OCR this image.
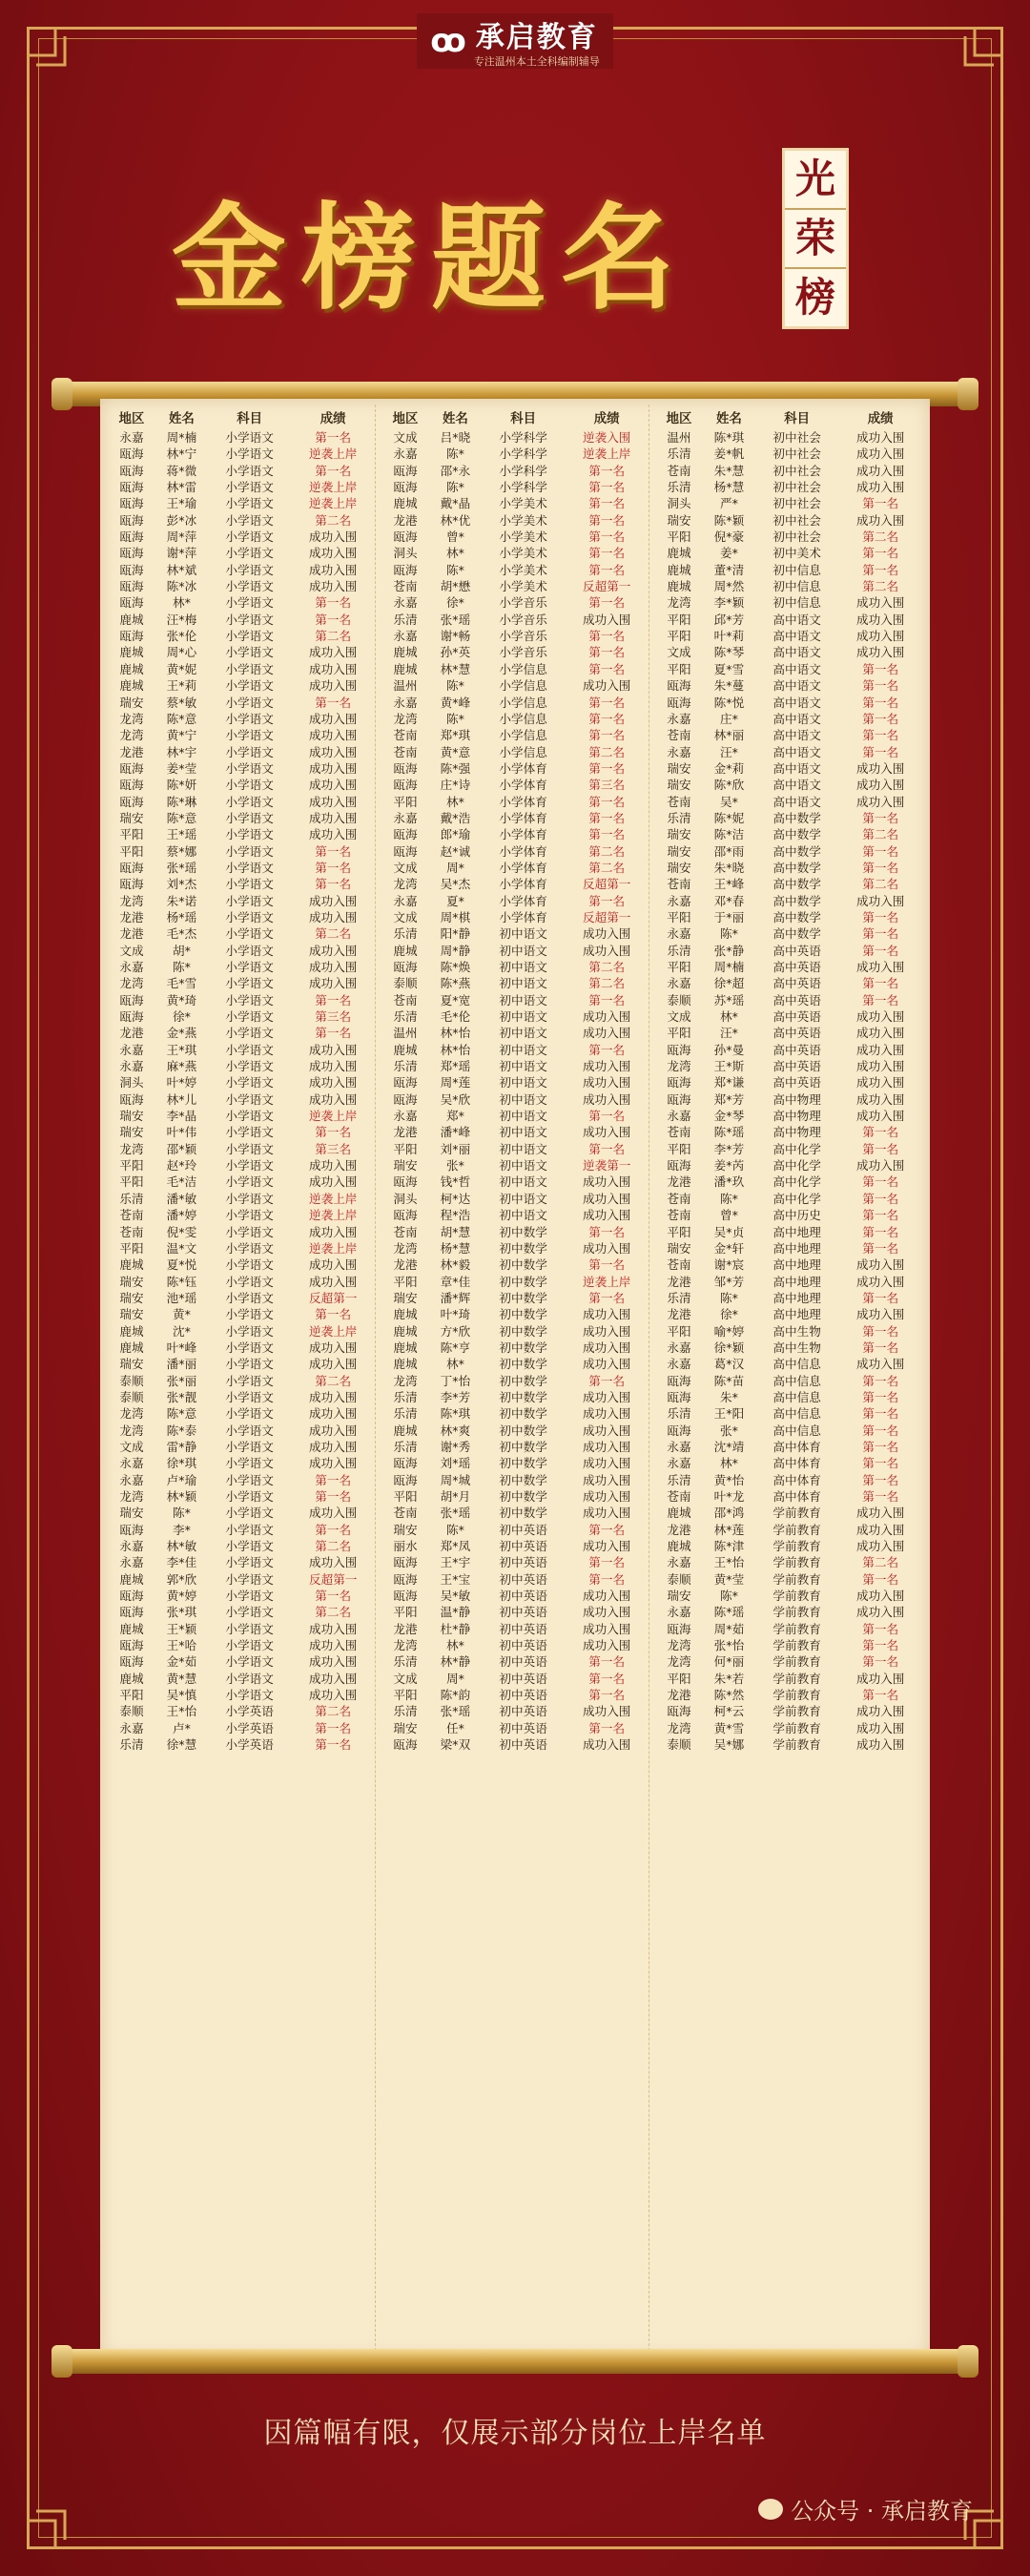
ꝏ 承启教育
专注温州本土全科编制辅导
金榜题名
光
荣
榜
地区	姓名	科目	成绩
永嘉	周*楠	小学语文	第一名
瓯海	林*宁	小学语文	逆袭上岸
瓯海	蒋*微	小学语文	第一名
瓯海	林*雷	小学语文	逆袭上岸
瓯海	王*瑜	小学语文	逆袭上岸
瓯海	彭*冰	小学语文	第二名
瓯海	周*萍	小学语文	成功入围
瓯海	谢*萍	小学语文	成功入围
瓯海	林*斌	小学语文	成功入围
瓯海	陈*冰	小学语文	成功入围
瓯海	林*	小学语文	第一名
鹿城	汪*梅	小学语文	第一名
瓯海	张*伦	小学语文	第二名
鹿城	周*心	小学语文	成功入围
鹿城	黄*妮	小学语文	成功入围
鹿城	王*莉	小学语文	成功入围
瑞安	蔡*敏	小学语文	第一名
龙湾	陈*意	小学语文	成功入围
龙湾	黄*宁	小学语文	成功入围
龙港	林*宇	小学语文	成功入围
瓯海	姜*莹	小学语文	成功入围
瓯海	陈*妍	小学语文	成功入围
瓯海	陈*琳	小学语文	成功入围
瑞安	陈*意	小学语文	成功入围
平阳	王*瑶	小学语文	成功入围
平阳	蔡*娜	小学语文	第一名
瓯海	张*瑶	小学语文	第一名
瓯海	刘*杰	小学语文	第一名
龙湾	朱*诺	小学语文	成功入围
龙港	杨*瑶	小学语文	成功入围
龙港	毛*杰	小学语文	第二名
文成	胡*	小学语文	成功入围
永嘉	陈*	小学语文	成功入围
龙湾	毛*雪	小学语文	成功入围
瓯海	黄*琦	小学语文	第一名
瓯海	徐*	小学语文	第三名
龙港	金*燕	小学语文	第一名
永嘉	王*琪	小学语文	成功入围
永嘉	麻*燕	小学语文	成功入围
洞头	叶*婷	小学语文	成功入围
瓯海	林*儿	小学语文	成功入围
瑞安	李*晶	小学语文	逆袭上岸
瑞安	叶*伟	小学语文	第一名
龙湾	邵*颖	小学语文	第三名
平阳	赵*玲	小学语文	成功入围
平阳	毛*洁	小学语文	成功入围
乐清	潘*敏	小学语文	逆袭上岸
苍南	潘*婷	小学语文	逆袭上岸
苍南	倪*雯	小学语文	成功入围
平阳	温*文	小学语文	逆袭上岸
鹿城	夏*悦	小学语文	成功入围
瑞安	陈*钰	小学语文	成功入围
瑞安	池*瑶	小学语文	反超第一
瑞安	黄*	小学语文	第一名
鹿城	沈*	小学语文	逆袭上岸
鹿城	叶*峰	小学语文	成功入围
瑞安	潘*丽	小学语文	成功入围
泰顺	张*丽	小学语文	第二名
泰顺	张*靓	小学语文	成功入围
龙湾	陈*意	小学语文	成功入围
龙湾	陈*泰	小学语文	成功入围
文成	雷*静	小学语文	成功入围
永嘉	徐*琪	小学语文	成功入围
永嘉	卢*瑜	小学语文	第一名
龙湾	林*颖	小学语文	第一名
瑞安	陈*	小学语文	成功入围
瓯海	李*	小学语文	第一名
永嘉	林*敏	小学语文	第二名
永嘉	李*佳	小学语文	成功入围
鹿城	郭*欣	小学语文	反超第一
瓯海	黄*婷	小学语文	第一名
瓯海	张*琪	小学语文	第二名
鹿城	王*颖	小学语文	成功入围
瓯海	王*哈	小学语文	成功入围
瓯海	金*茹	小学语文	成功入围
鹿城	黄*慧	小学语文	成功入围
平阳	吴*慎	小学语文	成功入围
泰顺	王*怡	小学英语	第二名
永嘉	卢*	小学英语	第一名
乐清	徐*慧	小学英语	第一名
地区	姓名	科目	成绩
文成	吕*晓	小学科学	逆袭入围
永嘉	陈*	小学科学	逆袭上岸
瓯海	邵*永	小学科学	第一名
瓯海	陈*	小学科学	第一名
鹿城	戴*晶	小学美术	第一名
龙港	林*优	小学美术	第一名
瓯海	曾*	小学美术	第一名
洞头	林*	小学美术	第一名
瓯海	陈*	小学美术	第一名
苍南	胡*懋	小学美术	反超第一
永嘉	徐*	小学音乐	第一名
乐清	张*瑶	小学音乐	成功入围
永嘉	谢*畅	小学音乐	第一名
鹿城	孙*英	小学音乐	第一名
鹿城	林*慧	小学信息	第一名
温州	陈*	小学信息	成功入围
永嘉	黄*峰	小学信息	第一名
龙湾	陈*	小学信息	第一名
苍南	郑*琪	小学信息	第一名
苍南	黄*意	小学信息	第二名
瓯海	陈*强	小学体育	第一名
瓯海	庄*诗	小学体育	第三名
平阳	林*	小学体育	第一名
永嘉	戴*浩	小学体育	第一名
瓯海	郎*瑜	小学体育	第一名
瓯海	赵*诚	小学体育	第二名
文成	周*	小学体育	第二名
龙湾	吴*杰	小学体育	反超第一
永嘉	夏*	小学体育	第一名
文成	周*棋	小学体育	反超第一
乐清	阳*静	初中语文	成功入围
鹿城	周*静	初中语文	成功入围
瓯海	陈*焕	初中语文	第二名
泰顺	陈*燕	初中语文	第二名
苍南	夏*宽	初中语文	第一名
乐清	毛*伦	初中语文	成功入围
温州	林*怡	初中语文	成功入围
鹿城	林*怡	初中语文	第一名
乐清	郑*瑶	初中语文	成功入围
瓯海	周*莲	初中语文	成功入围
瓯海	吴*欣	初中语文	成功入围
永嘉	郑*	初中语文	第一名
龙港	潘*峰	初中语文	成功入围
平阳	刘*丽	初中语文	第一名
瑞安	张*	初中语文	逆袭第一
瓯海	钱*哲	初中语文	成功入围
洞头	柯*达	初中语文	成功入围
瓯海	程*浩	初中语文	成功入围
苍南	胡*慧	初中数学	第一名
龙湾	杨*慧	初中数学	成功入围
龙港	林*毅	初中数学	第一名
平阳	章*佳	初中数学	逆袭上岸
瑞安	潘*辉	初中数学	第一名
鹿城	叶*琦	初中数学	成功入围
鹿城	方*欣	初中数学	成功入围
鹿城	陈*亨	初中数学	成功入围
鹿城	林*	初中数学	成功入围
龙湾	丁*怡	初中数学	第一名
乐清	李*芳	初中数学	成功入围
乐清	陈*琪	初中数学	成功入围
鹿城	林*爽	初中数学	成功入围
乐清	谢*秀	初中数学	成功入围
瓯海	刘*瑶	初中数学	成功入围
瓯海	周*城	初中数学	成功入围
平阳	胡*月	初中数学	成功入围
苍南	张*瑶	初中数学	成功入围
瑞安	陈*	初中英语	第一名
丽水	郑*凤	初中英语	成功入围
瓯海	王*宇	初中英语	第一名
瓯海	王*宝	初中英语	第一名
瓯海	吴*敏	初中英语	成功入围
平阳	温*静	初中英语	成功入围
龙港	杜*静	初中英语	成功入围
龙湾	林*	初中英语	成功入围
乐清	林*静	初中英语	第一名
文成	周*	初中英语	第一名
平阳	陈*韵	初中英语	第一名
乐清	张*瑶	初中英语	成功入围
瑞安	任*	初中英语	第一名
瓯海	梁*双	初中英语	成功入围
地区	姓名	科目	成绩
温州	陈*琪	初中社会	成功入围
乐清	姜*帆	初中社会	成功入围
苍南	朱*慧	初中社会	成功入围
乐清	杨*慧	初中社会	成功入围
洞头	严*	初中社会	第一名
瑞安	陈*颖	初中社会	成功入围
平阳	倪*豪	初中社会	第二名
鹿城	姜*	初中美术	第一名
鹿城	董*清	初中信息	第一名
鹿城	周*然	初中信息	第二名
龙湾	李*颖	初中信息	成功入围
平阳	邱*芳	高中语文	成功入围
平阳	叶*莉	高中语文	成功入围
文成	陈*琴	高中语文	成功入围
平阳	夏*雪	高中语文	第一名
瓯海	朱*蔓	高中语文	第一名
瓯海	陈*悦	高中语文	第一名
永嘉	庄*	高中语文	第一名
苍南	林*丽	高中语文	第一名
永嘉	汪*	高中语文	第一名
瑞安	金*莉	高中语文	成功入围
瑞安	陈*欣	高中语文	成功入围
苍南	吴*	高中语文	成功入围
乐清	陈*妮	高中数学	第一名
瑞安	陈*洁	高中数学	第二名
瑞安	邵*雨	高中数学	第一名
瑞安	朱*晓	高中数学	第一名
苍南	王*峰	高中数学	第二名
永嘉	邓*春	高中数学	成功入围
平阳	于*丽	高中数学	第一名
永嘉	陈*	高中数学	第一名
乐清	张*静	高中英语	第一名
平阳	周*楠	高中英语	成功入围
永嘉	徐*超	高中英语	第一名
泰顺	苏*瑶	高中英语	第一名
文成	林*	高中英语	成功入围
平阳	汪*	高中英语	成功入围
瓯海	孙*曼	高中英语	成功入围
龙湾	王*斯	高中英语	成功入围
瓯海	郑*谦	高中英语	成功入围
瓯海	郑*芳	高中物理	成功入围
永嘉	金*琴	高中物理	成功入围
苍南	陈*瑶	高中物理	第一名
平阳	李*芳	高中化学	第一名
瓯海	姜*芮	高中化学	成功入围
龙港	潘*玖	高中化学	第一名
苍南	陈*	高中化学	第一名
苍南	曾*	高中历史	第一名
平阳	吴*贞	高中地理	第一名
瑞安	金*轩	高中地理	第一名
苍南	谢*宸	高中地理	成功入围
龙港	邹*芳	高中地理	成功入围
乐清	陈*	高中地理	第一名
龙港	徐*	高中地理	成功入围
平阳	喻*婷	高中生物	第一名
永嘉	徐*颖	高中生物	第一名
永嘉	葛*汉	高中信息	成功入围
瓯海	陈*苗	高中信息	第一名
瓯海	朱*	高中信息	第一名
乐清	王*阳	高中信息	第一名
瓯海	张*	高中信息	第一名
永嘉	沈*靖	高中体育	第一名
永嘉	林*	高中体育	第一名
乐清	黄*怡	高中体育	第一名
苍南	叶*龙	高中体育	第一名
鹿城	邵*鸿	学前教育	成功入围
龙港	林*莲	学前教育	成功入围
鹿城	陈*津	学前教育	成功入围
永嘉	王*怡	学前教育	第二名
泰顺	黄*莹	学前教育	第一名
瑞安	陈*	学前教育	成功入围
永嘉	陈*瑶	学前教育	成功入围
瓯海	周*茹	学前教育	第一名
龙湾	张*怡	学前教育	第一名
龙湾	何*丽	学前教育	第一名
平阳	朱*若	学前教育	成功入围
龙港	陈*然	学前教育	第一名
瓯海	柯*云	学前教育	成功入围
龙湾	黄*雪	学前教育	成功入围
泰顺	吴*娜	学前教育	成功入围
因篇幅有限，仅展示部分岗位上岸名单
公众号 · 承启教育
